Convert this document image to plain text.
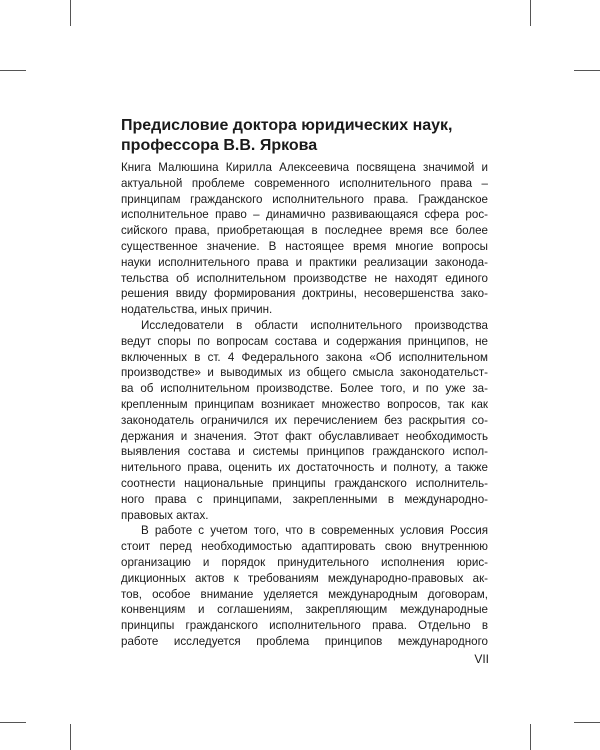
Предисловие доктора юридических наук,
профессора В.В. Яркова
Книга Малюшина Кирилла Алексеевича посвящена значимой и
актуальной проблеме современного исполнительного права –
принципам гражданского исполнительного права. Гражданское
исполнительное право – динамично развивающаяся сфера рос-
сийского права, приобретающая в последнее время все более
существенное значение. В настоящее время многие вопросы
науки исполнительного права и практики реализации законода-
тельства об исполнительном производстве не находят единого
решения ввиду формирования доктрины, несовершенства зако-
нодательства, иных причин.
Исследователи в области исполнительного производства
ведут споры по вопросам состава и содержания принципов, не
включенных в ст. 4 Федерального закона «Об исполнительном
производстве» и выводимых из общего смысла законодательст-
ва об исполнительном производстве. Более того, и по уже за-
крепленным принципам возникает множество вопросов, так как
законодатель ограничился их перечислением без раскрытия со-
держания и значения. Этот факт обуславливает необходимость
выявления состава и системы принципов гражданского испол-
нительного права, оценить их достаточность и полноту, а также
соотнести национальные принципы гражданского исполнитель-
ного права с принципами, закрепленными в международно-
правовых актах.
В работе с учетом того, что в современных условия Россия
стоит перед необходимостью адаптировать свою внутреннюю
организацию и порядок принудительного исполнения юрис-
дикционных актов к требованиям международно-правовых ак-
тов, особое внимание уделяется международным договорам,
конвенциям и соглашениям, закрепляющим международные
принципы гражданского исполнительного права. Отдельно в
работе исследуется проблема принципов международного
VII
